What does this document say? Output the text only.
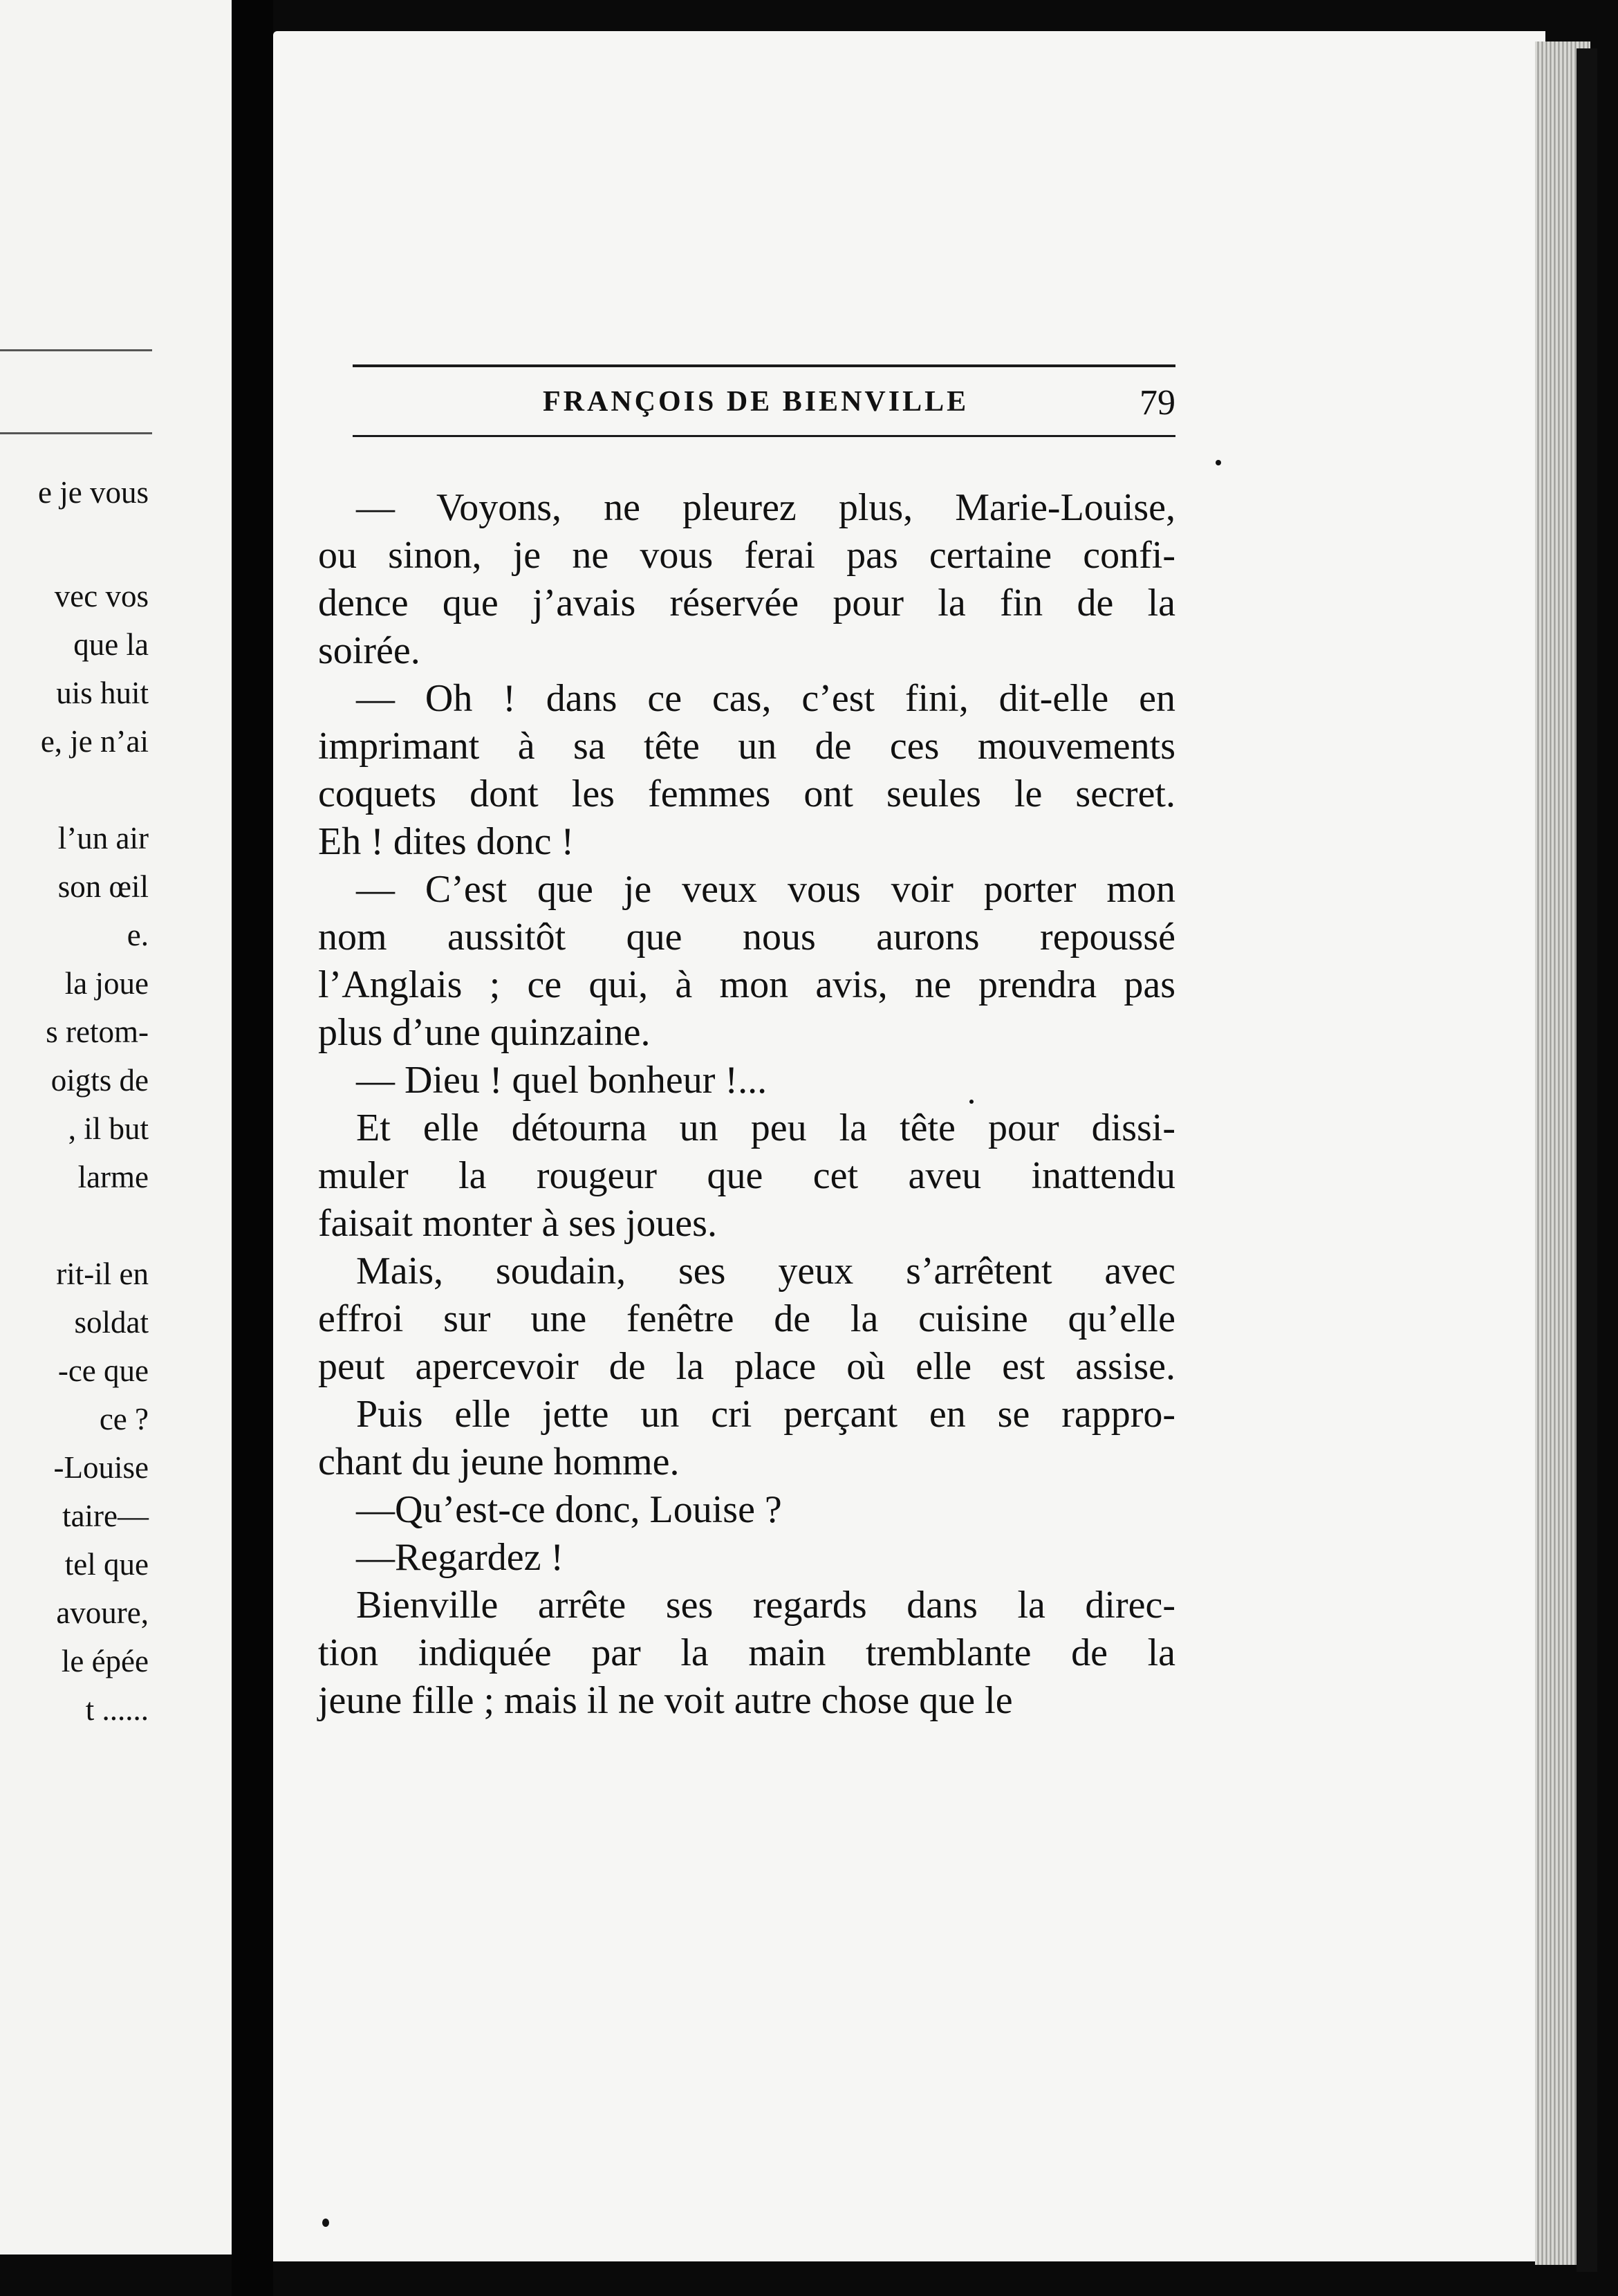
e je vous
vec vos
que la
uis huit
e, je n’ai
l’un air
son œil
e.
la joue
s retom-
oigts de
, il but
larme
rit-il en
soldat
-ce que
ce ?
-Louise
taire—
tel que
avoure,
le épée
t ......
FRANÇOIS DE BIENVILLE	79
— Voyons, ne pleurez plus, Marie-Louise,
ou sinon, je ne vous ferai pas certaine confi-
dence que j’avais réservée pour la fin de la
soirée.
— Oh ! dans ce cas, c’est fini, dit-elle en
imprimant à sa tête un de ces mouvements
coquets dont les femmes ont seules le secret.
Eh ! dites donc !
— C’est que je veux vous voir porter mon
nom aussitôt que nous aurons repoussé
l’Anglais ; ce qui, à mon avis, ne prendra pas
plus d’une quinzaine.
— Dieu ! quel bonheur !...
Et elle détourna un peu la tête pour dissi-
muler la rougeur que cet aveu inattendu
faisait monter à ses joues.
Mais, soudain, ses yeux s’arrêtent avec
effroi sur une fenêtre de la cuisine qu’elle
peut apercevoir de la place où elle est assise.
Puis elle jette un cri perçant en se rappro-
chant du jeune homme.
—Qu’est-ce donc, Louise ?
—Regardez !
Bienville arrête ses regards dans la direc-
tion indiquée par la main tremblante de la
jeune fille ; mais il ne voit autre chose que le
